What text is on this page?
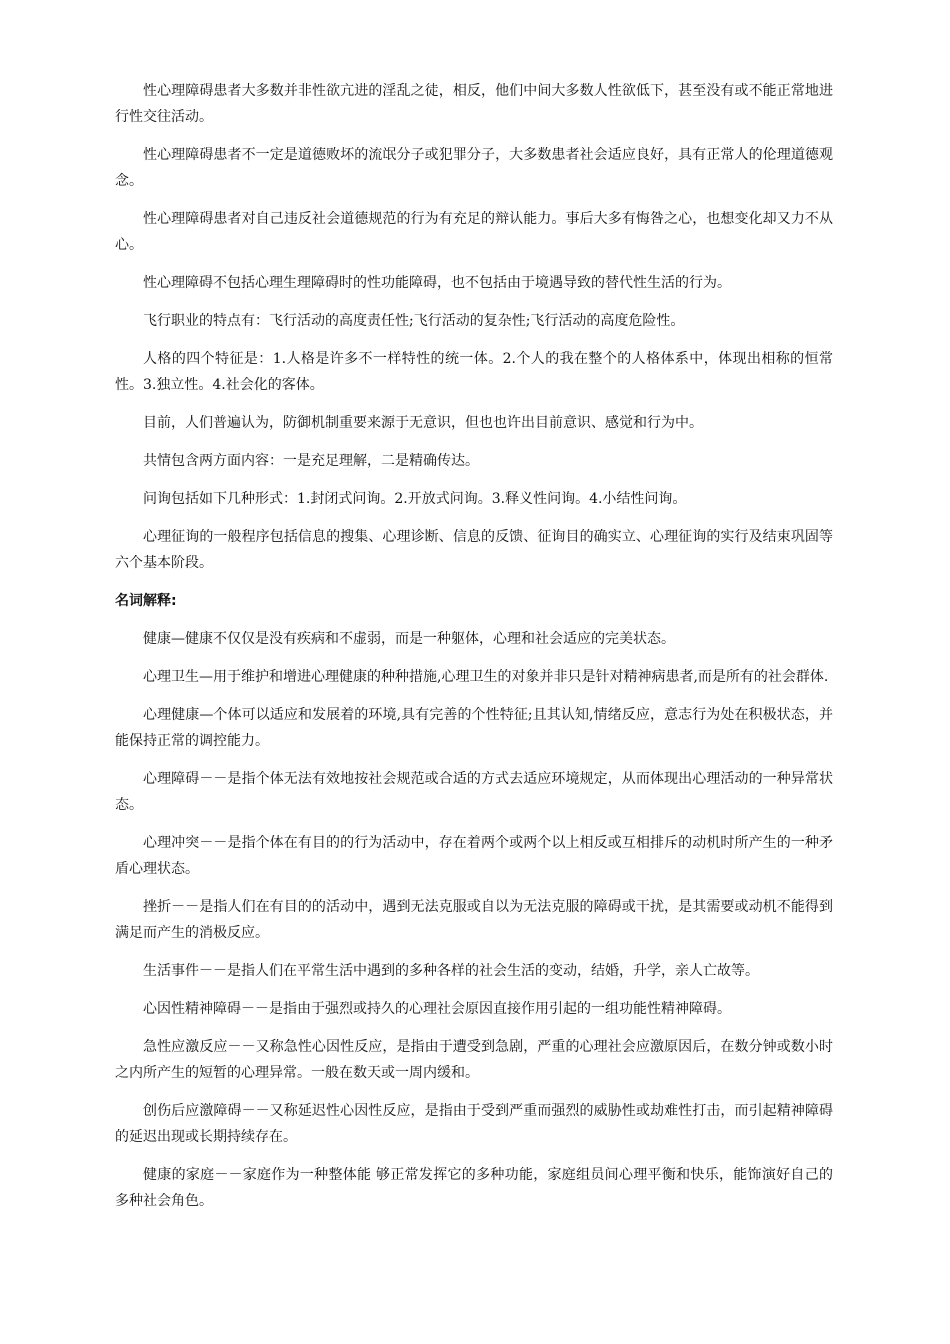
性心理障碍患者大多数并非性欲亢进的淫乱之徒，相反，他们中间大多数人性欲低下，甚至没有或不能正常地进行性交往活动。

性心理障碍患者不一定是道德败坏的流氓分子或犯罪分子，大多数患者社会适应良好，具有正常人的伦理道德观念。

性心理障碍患者对自己违反社会道德规范的行为有充足的辩认能力。事后大多有悔咎之心，也想变化却又力不从心。

性心理障碍不包括心理生理障碍时的性功能障碍，也不包括由于境遇导致的替代性生活的行为。

飞行职业的特点有：飞行活动的高度责任性;飞行活动的复杂性;飞行活动的高度危险性。

人格的四个特征是：1.人格是许多不一样特性的统一体。2.个人的我在整个的人格体系中，体现出相称的恒常性。3.独立性。4.社会化的客体。

目前，人们普遍认为，防御机制重要来源于无意识，但也也许出目前意识、感觉和行为中。

共情包含两方面内容：一是充足理解，二是精确传达。

问询包括如下几种形式：1.封闭式问询。2.开放式问询。3.释义性问询。4.小结性问询。

心理征询的一般程序包括信息的搜集、心理诊断、信息的反馈、征询目的确实立、心理征询的实行及结束巩固等六个基本阶段。

名词解释:

健康—健康不仅仅是没有疾病和不虚弱，而是一种躯体，心理和社会适应的完美状态。

心理卫生—用于维护和增进心理健康的种种措施,心理卫生的对象并非只是针对精神病患者,而是所有的社会群体.

心理健康—个体可以适应和发展着的环境,具有完善的个性特征;且其认知,情绪反应，意志行为处在积极状态，并能保持正常的调控能力。

心理障碍－－是指个体无法有效地按社会规范或合适的方式去适应环境规定，从而体现出心理活动的一种异常状态。

心理冲突－－是指个体在有目的的行为活动中，存在着两个或两个以上相反或互相排斥的动机时所产生的一种矛盾心理状态。

挫折－－是指人们在有目的的活动中，遇到无法克服或自以为无法克服的障碍或干扰，是其需要或动机不能得到满足而产生的消极反应。

生活事件－－是指人们在平常生活中遇到的多种各样的社会生活的变动，结婚，升学，亲人亡故等。

心因性精神障碍－－是指由于强烈或持久的心理社会原因直接作用引起的一组功能性精神障碍。

急性应激反应－－又称急性心因性反应，是指由于遭受到急剧，严重的心理社会应激原因后，在数分钟或数小时之内所产生的短暂的心理异常。一般在数天或一周内缓和。

创伤后应激障碍－－又称延迟性心因性反应，是指由于受到严重而强烈的威胁性或劫难性打击，而引起精神障碍的延迟出现或长期持续存在。

健康的家庭－－家庭作为一种整体能 够正常发挥它的多种功能，家庭组员间心理平衡和快乐，能饰演好自己的多种社会角色。
